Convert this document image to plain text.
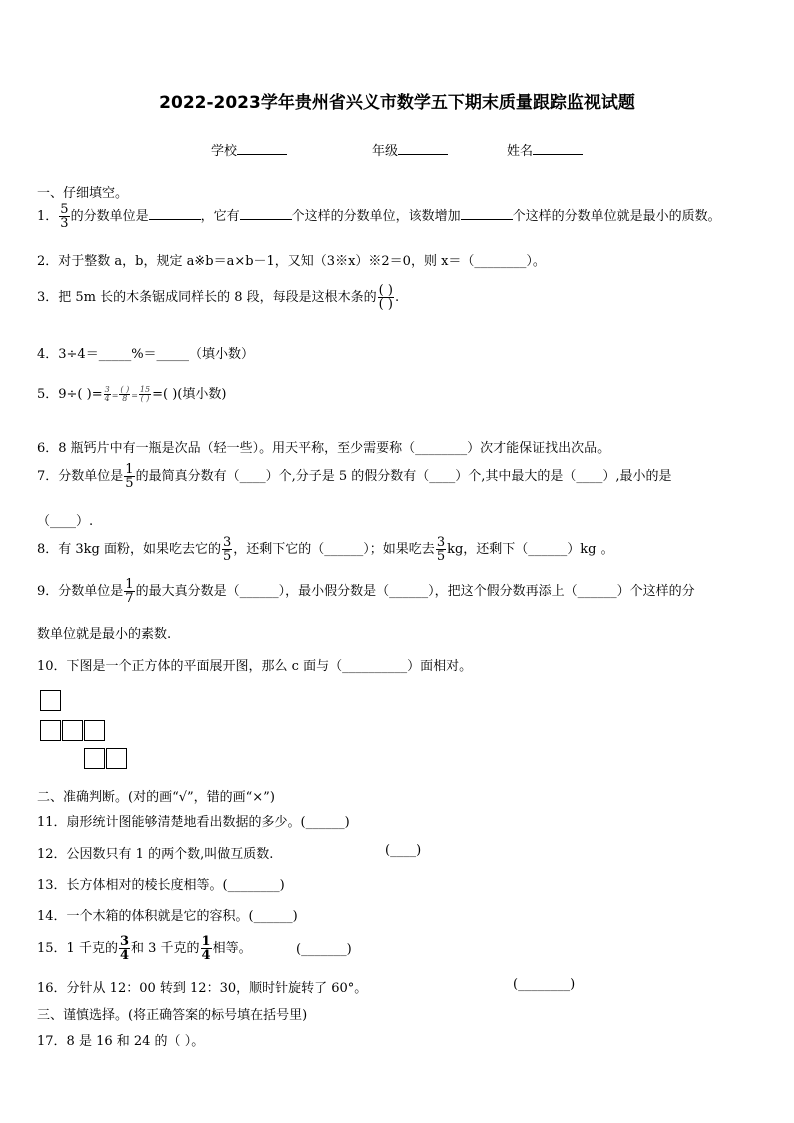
2022-2023学年贵州省兴义市数学五下期末质量跟踪监视试题
学校	年级	姓名
一、仔细填空。
1． $\frac{5}{3}$ 的分数单位是	，它有	个这样的分数单位，该数增加	个这样的分数单位就是最小的质数。
2．对于整数 a，b，规定 a※b＝a×b－1，又知（3※x）※2＝0，则 x＝（________）。
3．把 5m 长的木条锯成同样长的 8 段，每段是这根木条的 $\frac{( )}{( )}$ .
4．3÷4＝_____%＝_____（填小数）
5．9÷( )= $\frac{3}{4} = \frac{( )}{8} = \frac{15}{( )}$ =( )(填小数)
6．8 瓶钙片中有一瓶是次品（轻一些）。用天平称，至少需要称（________）次才能保证找出次品。
7．分数单位是 $\frac{1}{5}$ 的最简真分数有（____）个,分子是 5 的假分数有（____）个,其中最大的是（____）,最小的是
（____）.
8．有 3kg 面粉，如果吃去它的 $\frac{3}{5}$ ，还剩下它的（______）；如果吃去 $\frac{3}{5}$ kg，还剩下（______）kg 。
9．分数单位是 $\frac{1}{7}$ 的最大真分数是（______），最小假分数是（______），把这个假分数再添上（______）个这样的分
数单位就是最小的素数.
10．下图是一个正方体的平面展开图，那么 c 面与（__________）面相对。
二、准确判断。(对的画“√”，错的画“×”)
11．扇形统计图能够清楚地看出数据的多少。(______)
12．公因数只有 1 的两个数,叫做互质数.	(____)
13．长方体相对的棱长度相等。(________)
14．一个木箱的体积就是它的容积。(______)
15．1 千克的 $\frac{3}{4}$ 和 3 千克的 $\frac{1}{4}$ 相等。	(_______)
16．分针从 12：00 转到 12：30，顺时针旋转了 60°。	(________)
三、谨慎选择。(将正确答案的标号填在括号里)
17．8 是 16 和 24 的（ ）。
